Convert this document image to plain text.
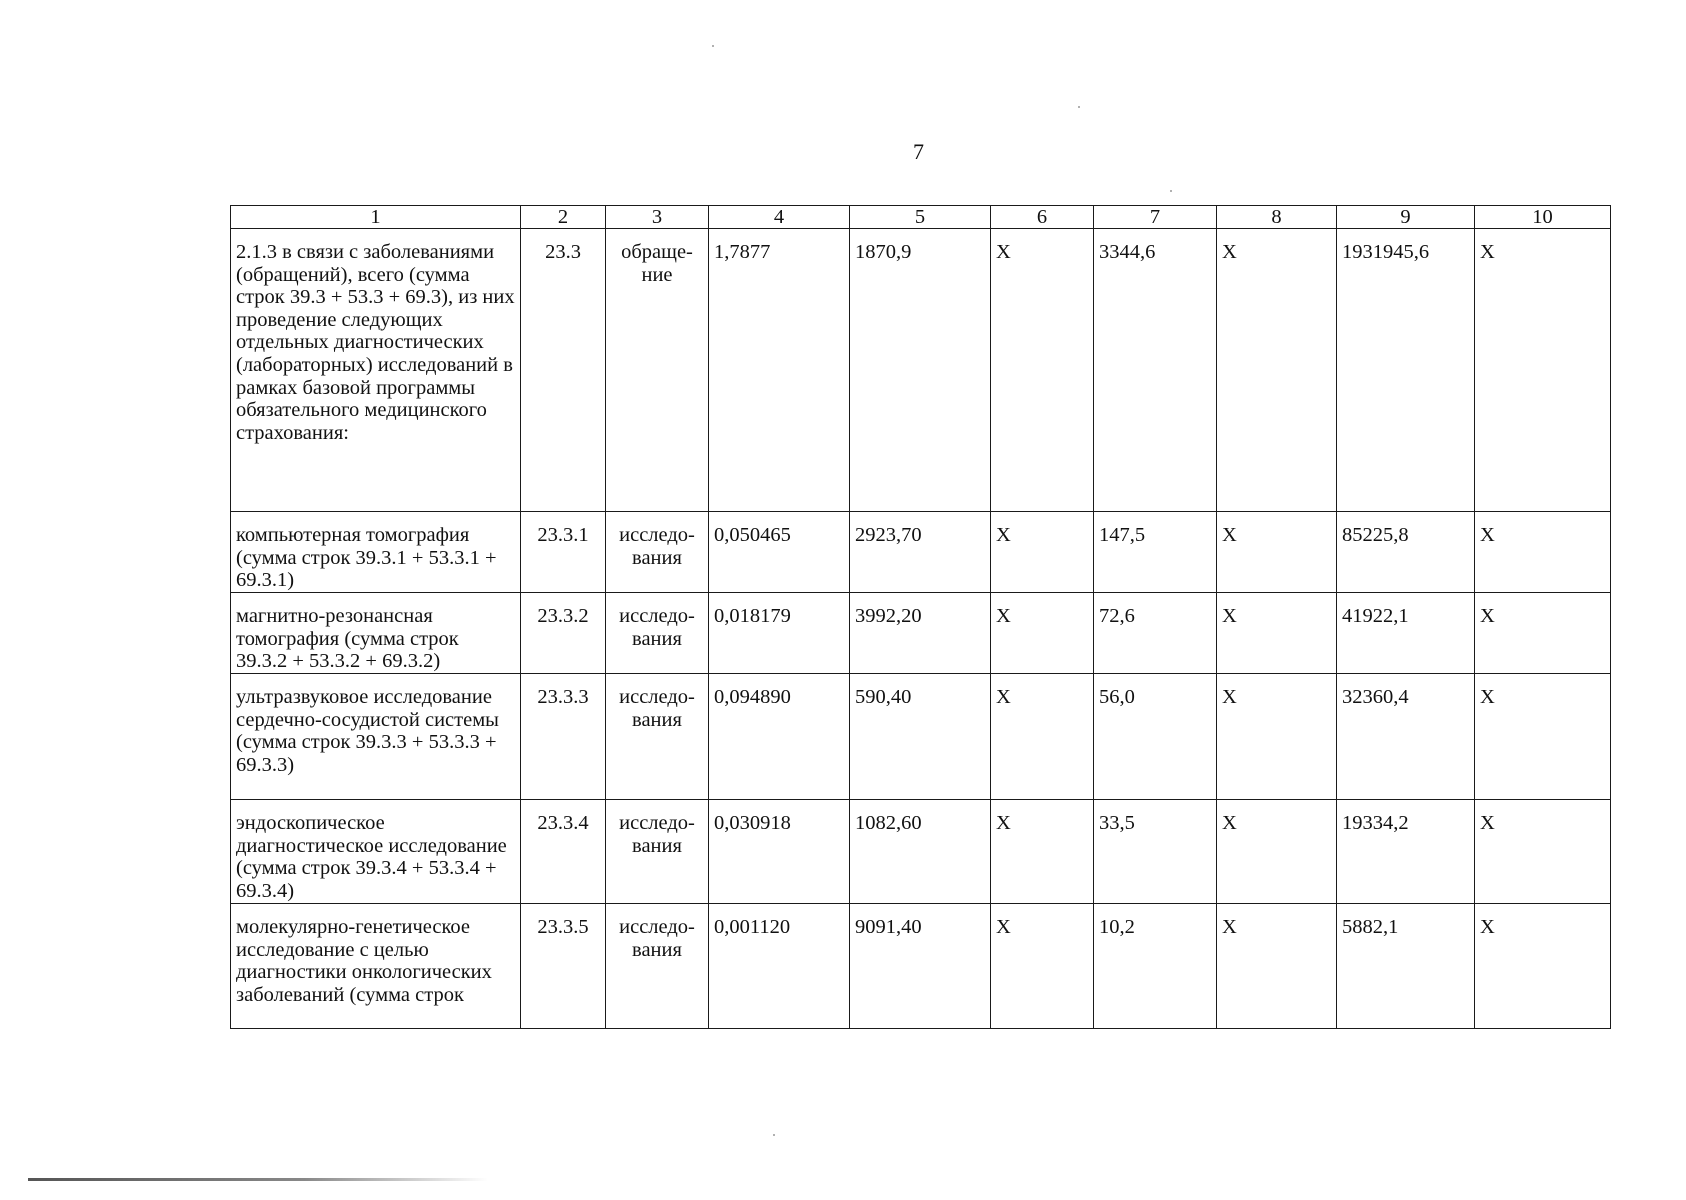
7
1	2	3	4	5	6	7	8	9	10
2.1.3 в связи с заболеваниями (обращений), всего (сумма строк 39.3 + 53.3 + 69.3), из них проведение следующих отдельных диагностических (лабораторных) исследований в рамках базовой программы обязательного медицинского страхования:	23.3	обраще-ние	1,7877	1870,9	X	3344,6	X	1931945,6	X
компьютерная томография (сумма строк 39.3.1 + 53.3.1 + 69.3.1)	23.3.1	исследо-вания	0,050465	2923,70	X	147,5	X	85225,8	X
магнитно-резонансная томография (сумма строк 39.3.2 + 53.3.2 + 69.3.2)	23.3.2	исследо-вания	0,018179	3992,20	X	72,6	X	41922,1	X
ультразвуковое исследование сердечно-сосудистой системы (сумма строк 39.3.3 + 53.3.3 + 69.3.3)	23.3.3	исследо-вания	0,094890	590,40	X	56,0	X	32360,4	X
эндоскопическое диагностическое исследование (сумма строк 39.3.4 + 53.3.4 + 69.3.4)	23.3.4	исследо-вания	0,030918	1082,60	X	33,5	X	19334,2	X
молекулярно-генетическое исследование с целью диагностики онкологических заболеваний (сумма строк	23.3.5	исследо-вания	0,001120	9091,40	X	10,2	X	5882,1	X
